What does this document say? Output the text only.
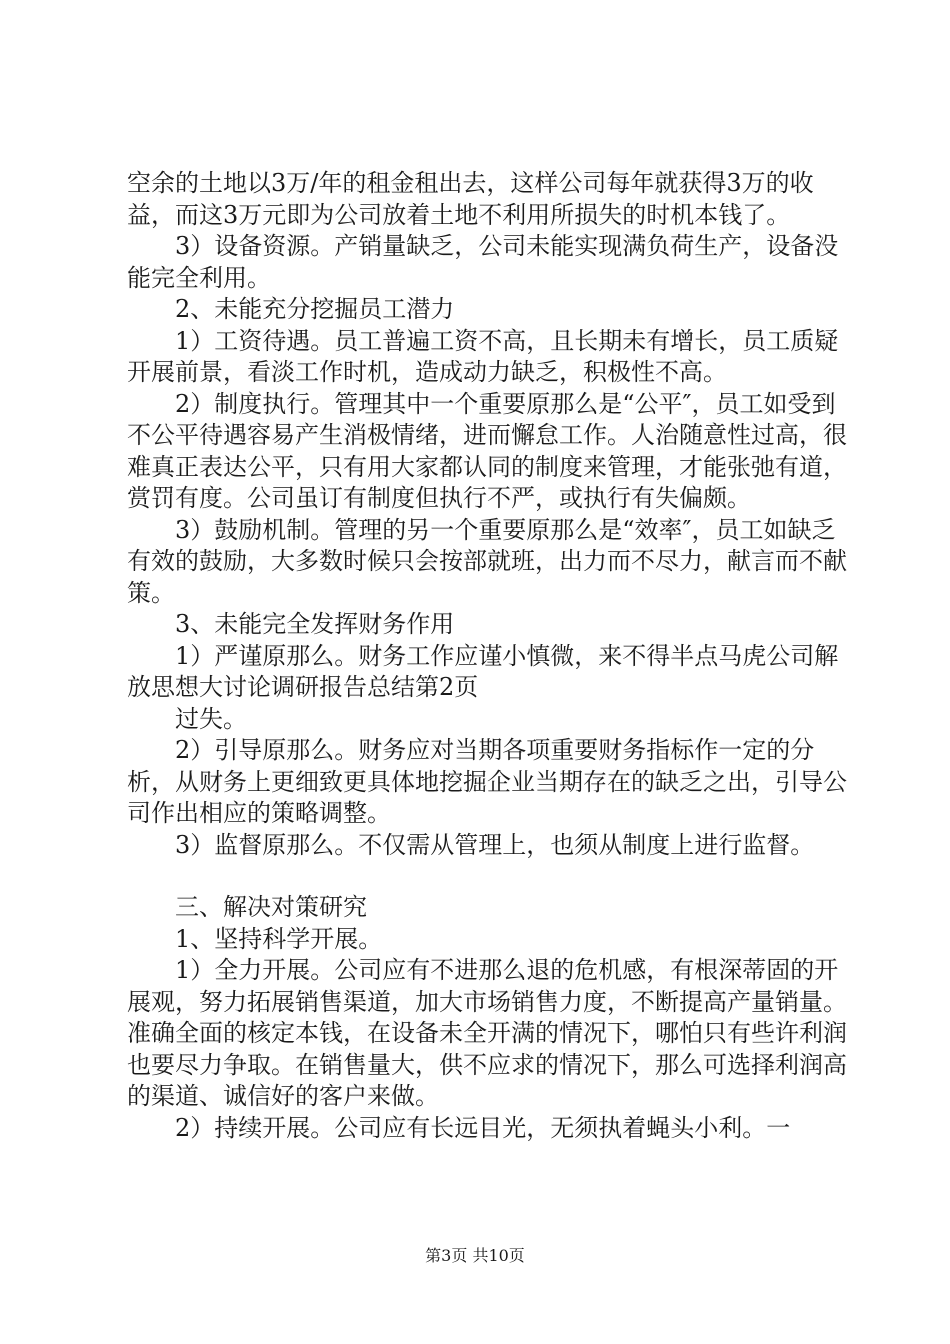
空余的土地以3万/年的租金租出去，这样公司每年就获得3万的收益，而这3万元即为公司放着土地不利用所损失的时机本钱了。

3）设备资源。产销量缺乏，公司未能实现满负荷生产，设备没能完全利用。

2、未能充分挖掘员工潜力

1）工资待遇。员工普遍工资不高，且长期未有增长，员工质疑开展前景，看淡工作时机，造成动力缺乏，积极性不高。

2）制度执行。管理其中一个重要原那么是“公平″，员工如受到不公平待遇容易产生消极情绪，进而懈怠工作。人治随意性过高，很难真正表达公平，只有用大家都认同的制度来管理，才能张弛有道，赏罚有度。公司虽订有制度但执行不严，或执行有失偏颇。

3）鼓励机制。管理的另一个重要原那么是“效率″，员工如缺乏有效的鼓励，大多数时候只会按部就班，出力而不尽力，献言而不献策。

3、未能完全发挥财务作用

1）严谨原那么。财务工作应谨小慎微，来不得半点马虎公司解放思想大讨论调研报告总结第2页

过失。

2）引导原那么。财务应对当期各项重要财务指标作一定的分析，从财务上更细致更具体地挖掘企业当期存在的缺乏之出，引导公司作出相应的策略调整。

3）监督原那么。不仅需从管理上，也须从制度上进行监督。

三、解决对策研究

1、坚持科学开展。

1）全力开展。公司应有不进那么退的危机感，有根深蒂固的开展观，努力拓展销售渠道，加大市场销售力度，不断提高产量销量。准确全面的核定本钱，在设备未全开满的情况下，哪怕只有些许利润也要尽力争取。在销售量大，供不应求的情况下，那么可选择利润高的渠道、诚信好的客户来做。

2）持续开展。公司应有长远目光，无须执着蝇头小利。一

第3页 共10页
